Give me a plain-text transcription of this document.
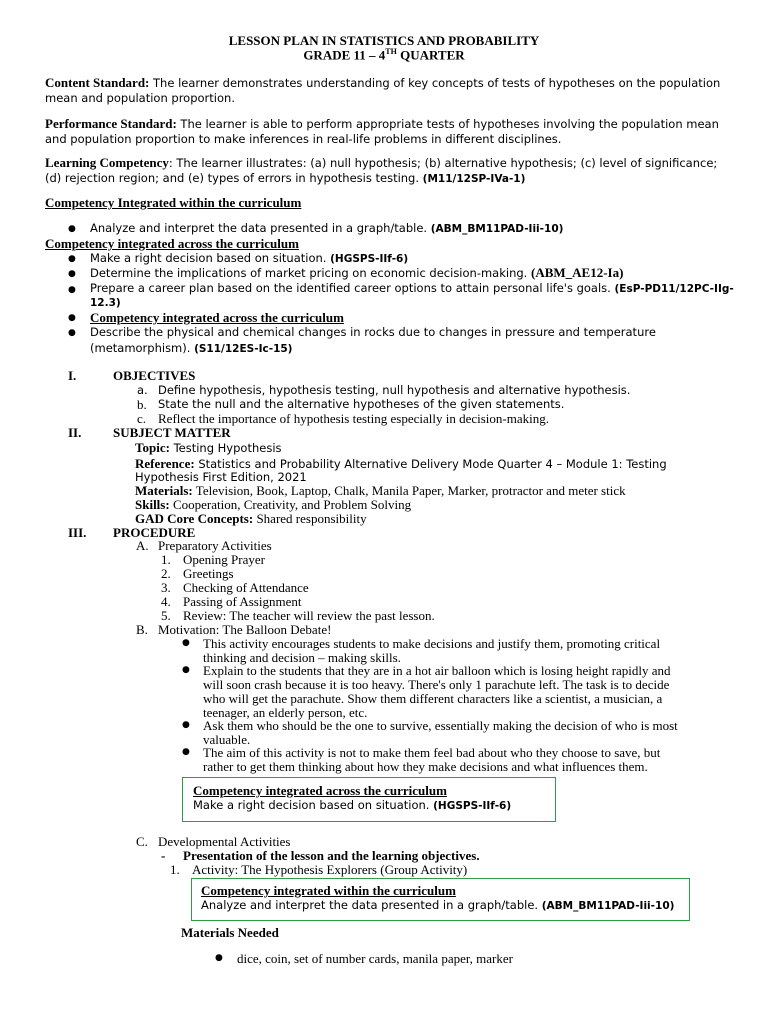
LESSON PLAN IN STATISTICS AND PROBABILITY
GRADE 11 – 4TH QUARTER
Content Standard: The learner demonstrates understanding of key concepts of tests of hypotheses on the population mean and population proportion.
Performance Standard: The learner is able to perform appropriate tests of hypotheses involving the population mean and population proportion to make inferences in real-life problems in different disciplines.
Learning Competency: The learner illustrates: (a) null hypothesis; (b) alternative hypothesis; (c) level of significance; (d) rejection region; and (e) types of errors in hypothesis testing. (M11/12SP-IVa-1)
Competency Integrated within the curriculum
● Analyze and interpret the data presented in a graph/table. (ABM_BM11PAD-Iii-10)
Competency integrated across the curriculum
● Make a right decision based on situation. (HGSPS-IIf-6)
● Determine the implications of market pricing on economic decision-making. (ABM_AE12-Ia)
● Prepare a career plan based on the identified career options to attain personal life's goals. (EsP-PD11/12PC-IIg-
12.3)
● Competency integrated across the curriculum
● Describe the physical and chemical changes in rocks due to changes in pressure and temperature
(metamorphism). (S11/12ES-Ic-15)
I.	OBJECTIVES
a. Define hypothesis, hypothesis testing, null hypothesis and alternative hypothesis.
b. State the null and the alternative hypotheses of the given statements.
c. Reflect the importance of hypothesis testing especially in decision-making.
II. SUBJECT MATTER
Topic: Testing Hypothesis
Reference: Statistics and Probability Alternative Delivery Mode Quarter 4 – Module 1: Testing
Hypothesis First Edition, 2021
Materials: Television, Book, Laptop, Chalk, Manila Paper, Marker, protractor and meter stick
Skills: Cooperation, Creativity, and Problem Solving
GAD Core Concepts: Shared responsibility
III. PROCEDURE
A. Preparatory Activities
1. Opening Prayer
2. Greetings
3. Checking of Attendance
4. Passing of Assignment
5. Review: The teacher will review the past lesson.
B. Motivation: The Balloon Debate!
● This activity encourages students to make decisions and justify them, promoting critical
thinking and decision – making skills.
● Explain to the students that they are in a hot air balloon which is losing height rapidly and
will soon crash because it is too heavy. There's only 1 parachute left. The task is to decide
who will get the parachute. Show them different characters like a scientist, a musician, a
teenager, an elderly person, etc.
● Ask them who should be the one to survive, essentially making the decision of who is most
valuable.
● The aim of this activity is not to make them feel bad about who they choose to save, but
rather to get them thinking about how they make decisions and what influences them.
Competency integrated across the curriculum
Make a right decision based on situation. (HGSPS-IIf-6)
C. Developmental Activities
- Presentation of the lesson and the learning objectives.
1. Activity: The Hypothesis Explorers (Group Activity)
Competency integrated within the curriculum
Analyze and interpret the data presented in a graph/table. (ABM_BM11PAD-Iii-10)
Materials Needed
● dice, coin, set of number cards, manila paper, marker
